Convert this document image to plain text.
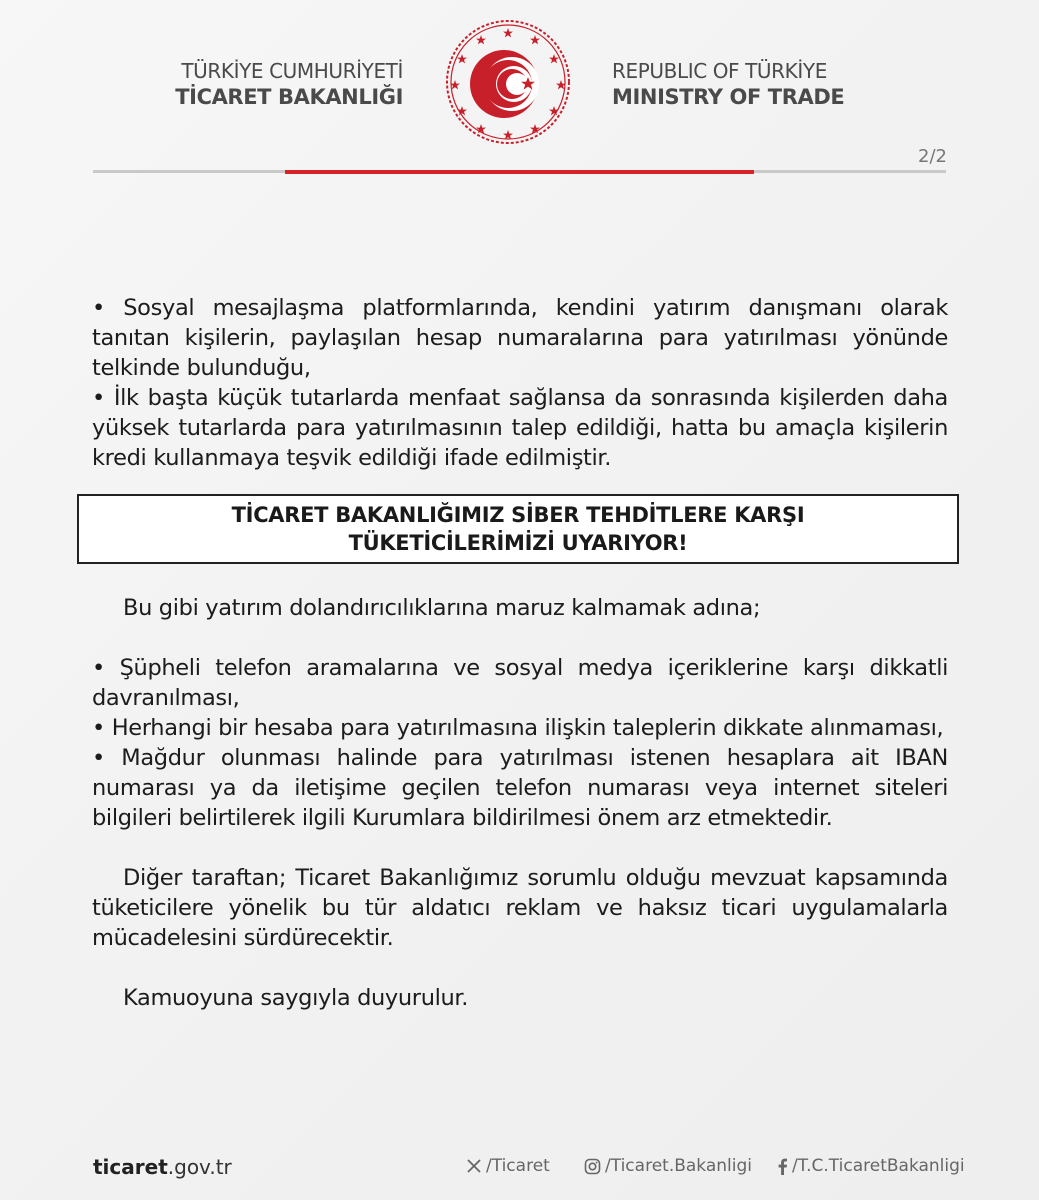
TÜRKİYE CUMHURİYETİ
TİCARET BAKANLIĞI
REPUBLIC OF TÜRKİYE
MINISTRY OF TRADE
2/2

• Sosyal mesajlaşma platformlarında, kendini yatırım danışmanı olarak tanıtan kişilerin, paylaşılan hesap numaralarına para yatırılması yönünde telkinde bulunduğu,

• İlk başta küçük tutarlarda menfaat sağlansa da sonrasında kişilerden daha yüksek tutarlarda para yatırılmasının talep edildiği, hatta bu amaçla kişilerin kredi kullanmaya teşvik edildiği ifade edilmiştir.

TİCARET BAKANLIĞIMIZ SİBER TEHDİTLERE KARŞI
TÜKETİCİLERİMİZİ UYARIYOR!

Bu gibi yatırım dolandırıcılıklarına maruz kalmamak adına;

• Şüpheli telefon aramalarına ve sosyal medya içeriklerine karşı dikkatli davranılması,

• Herhangi bir hesaba para yatırılmasına ilişkin taleplerin dikkate alınmaması,

• Mağdur olunması halinde para yatırılması istenen hesaplara ait IBAN numarası ya da iletişime geçilen telefon numarası veya internet siteleri bilgileri belirtilerek ilgili Kurumlara bildirilmesi önem arz etmektedir.

Diğer taraftan; Ticaret Bakanlığımız sorumlu olduğu mevzuat kapsamında tüketicilere yönelik bu tür aldatıcı reklam ve haksız ticari uygulamalarla mücadelesini sürdürecektir.

Kamuoyuna saygıyla duyurulur.

ticaret.gov.tr	/Ticaret	/Ticaret.Bakanligi /T.C.TicaretBakanligi
